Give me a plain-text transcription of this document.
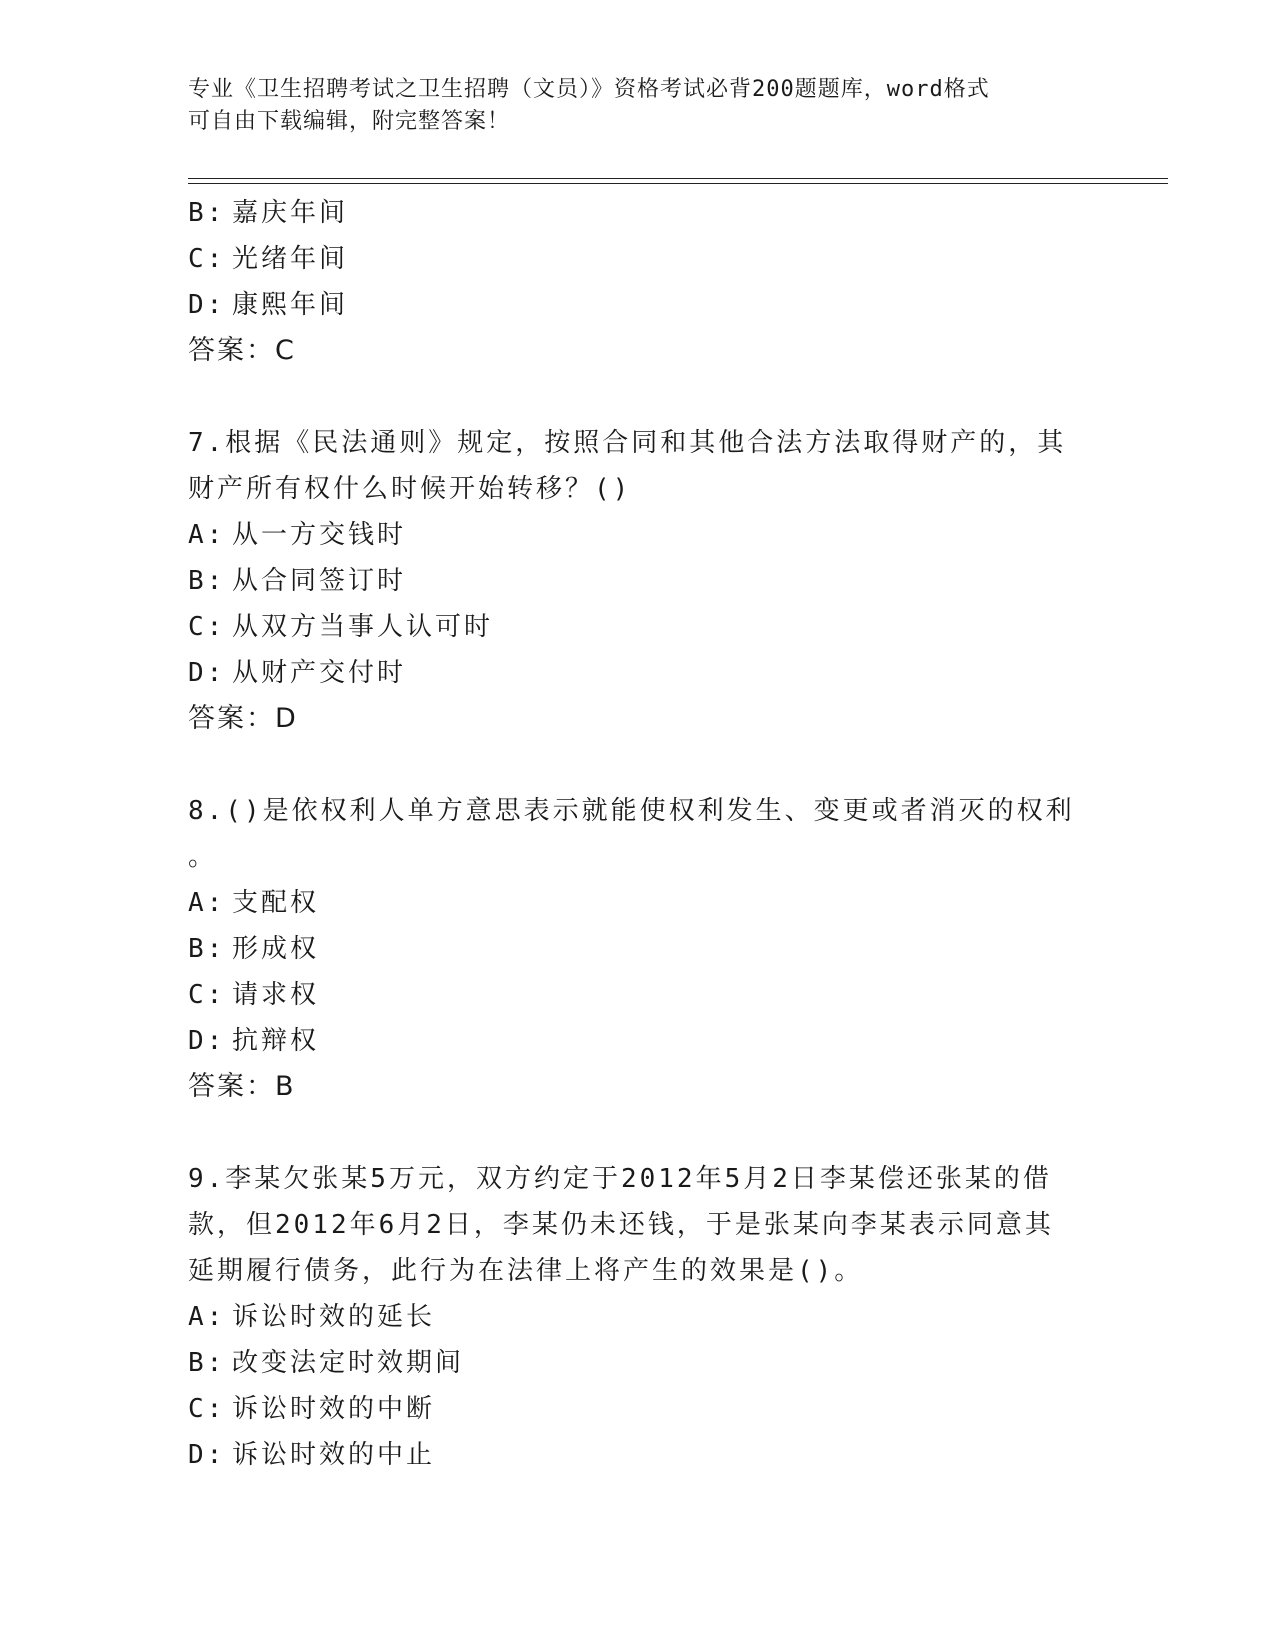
专业《卫生招聘考试之卫生招聘（文员）》资格考试必背200题题库，word格式
可自由下载编辑，附完整答案！
B: 嘉庆年间
C: 光绪年间
D: 康熙年间
答案：C
7.根据《民法通则》规定，按照合同和其他合法方法取得财产的，其
财产所有权什么时候开始转移？()
A: 从一方交钱时
B: 从合同签订时
C: 从双方当事人认可时
D: 从财产交付时
答案：D
8.()是依权利人单方意思表示就能使权利发生、变更或者消灭的权利
。
A: 支配权
B: 形成权
C: 请求权
D: 抗辩权
答案：B
9.李某欠张某5万元，双方约定于2012年5月2日李某偿还张某的借
款，但2012年6月2日，李某仍未还钱，于是张某向李某表示同意其
延期履行债务，此行为在法律上将产生的效果是()。
A: 诉讼时效的延长
B: 改变法定时效期间
C: 诉讼时效的中断
D: 诉讼时效的中止
